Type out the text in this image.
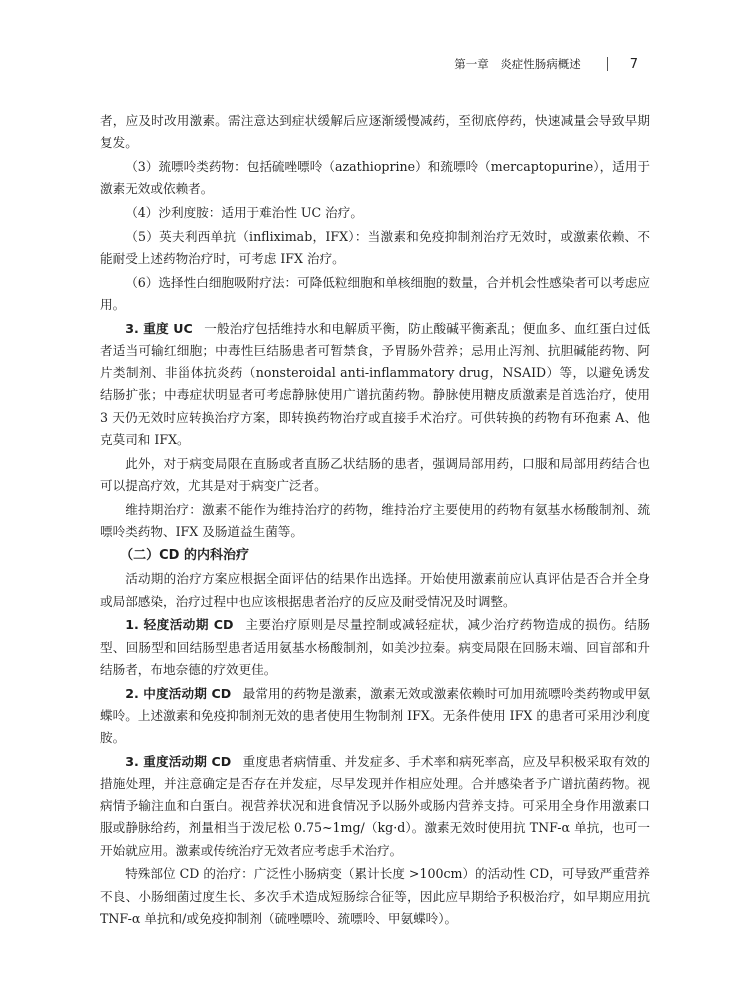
第一章　炎症性肠病概述	7

者，应及时改用激素。需注意达到症状缓解后应逐渐缓慢减药，至彻底停药，快速减量会导致早期复发。

（3）巯嘌呤类药物：包括硫唑嘌呤（azathioprine）和巯嘌呤（mercaptopurine），适用于激素无效或依赖者。

（4）沙利度胺：适用于难治性 UC 治疗。

（5）英夫利西单抗（infliximab，IFX）：当激素和免疫抑制剂治疗无效时，或激素依赖、不能耐受上述药物治疗时，可考虑 IFX 治疗。

（6）选择性白细胞吸附疗法：可降低粒细胞和单核细胞的数量，合并机会性感染者可以考虑应用。

3. 重度 UC 一般治疗包括维持水和电解质平衡，防止酸碱平衡紊乱；便血多、血红蛋白过低者适当可输红细胞；中毒性巨结肠患者可暂禁食，予胃肠外营养；忌用止泻剂、抗胆碱能药物、阿片类制剂、非甾体抗炎药（nonsteroidal anti-inflammatory drug，NSAID）等，以避免诱发结肠扩张；中毒症状明显者可考虑静脉使用广谱抗菌药物。静脉使用糖皮质激素是首选治疗，使用 3 天仍无效时应转换治疗方案，即转换药物治疗或直接手术治疗。可供转换的药物有环孢素 A、他克莫司和 IFX。

此外，对于病变局限在直肠或者直肠乙状结肠的患者，强调局部用药，口服和局部用药结合也可以提高疗效，尤其是对于病变广泛者。

维持期治疗：激素不能作为维持治疗的药物，维持治疗主要使用的药物有氨基水杨酸制剂、巯嘌呤类药物、IFX 及肠道益生菌等。

（二）CD 的内科治疗

活动期的治疗方案应根据全面评估的结果作出选择。开始使用激素前应认真评估是否合并全身或局部感染，治疗过程中也应该根据患者治疗的反应及耐受情况及时调整。

1. 轻度活动期 CD 主要治疗原则是尽量控制或减轻症状，减少治疗药物造成的损伤。结肠型、回肠型和回结肠型患者适用氨基水杨酸制剂，如美沙拉秦。病变局限在回肠末端、回盲部和升结肠者，布地奈德的疗效更佳。

2. 中度活动期 CD 最常用的药物是激素，激素无效或激素依赖时可加用巯嘌呤类药物或甲氨蝶呤。上述激素和免疫抑制剂无效的患者使用生物制剂 IFX。无条件使用 IFX 的患者可采用沙利度胺。

3. 重度活动期 CD 重度患者病情重、并发症多、手术率和病死率高，应及早积极采取有效的措施处理，并注意确定是否存在并发症，尽早发现并作相应处理。合并感染者予广谱抗菌药物。视病情予输注血和白蛋白。视营养状况和进食情况予以肠外或肠内营养支持。可采用全身作用激素口服或静脉给药，剂量相当于泼尼松 0.75~1mg/（kg·d）。激素无效时使用抗 TNF-α 单抗，也可一开始就应用。激素或传统治疗无效者应考虑手术治疗。

特殊部位 CD 的治疗：广泛性小肠病变（累计长度 >100cm）的活动性 CD，可导致严重营养不良、小肠细菌过度生长、多次手术造成短肠综合征等，因此应早期给予积极治疗，如早期应用抗 TNF-α 单抗和/或免疫抑制剂（硫唑嘌呤、巯嘌呤、甲氨蝶呤）。
